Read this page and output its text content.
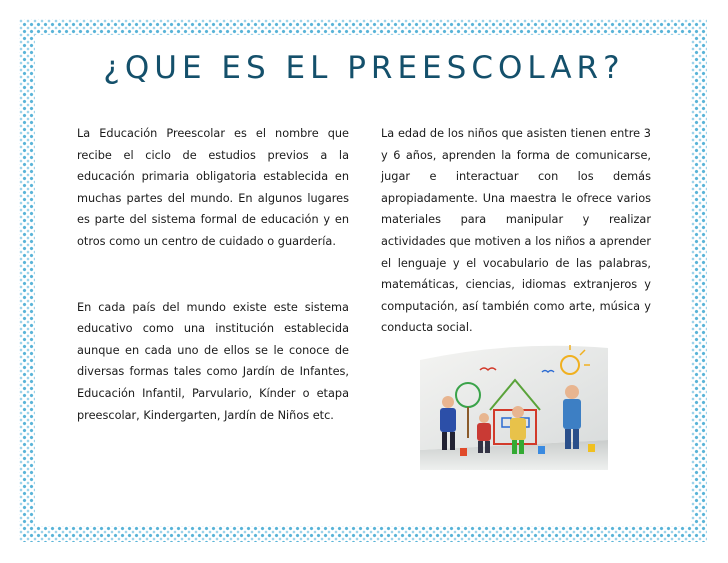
¿QUE ES EL PREESCOLAR?

La Educación Preescolar es el nombre que recibe el ciclo de estudios previos a la educación primaria obligatoria establecida en muchas partes del mundo. En algunos lugares es parte del sistema formal de educación y en otros como un centro de cuidado o guardería.

En cada país del mundo existe este sistema educativo como una institución establecida aunque en cada uno de ellos se le conoce de diversas formas tales como Jardín de Infantes, Educación Infantil, Parvulario, Kínder o etapa preescolar, Kindergarten, Jardín de Niños etc.

La edad de los niños que asisten tienen entre 3 y 6 años, aprenden la forma de comunicarse, jugar e interactuar con los demás apropiadamente. Una maestra le ofrece varios materiales para manipular y realizar actividades que motiven a los niños a aprender el lenguaje y el vocabulario de las palabras, matemáticas, ciencias, idiomas extranjeros y computación, así también como arte, música y conducta social.
